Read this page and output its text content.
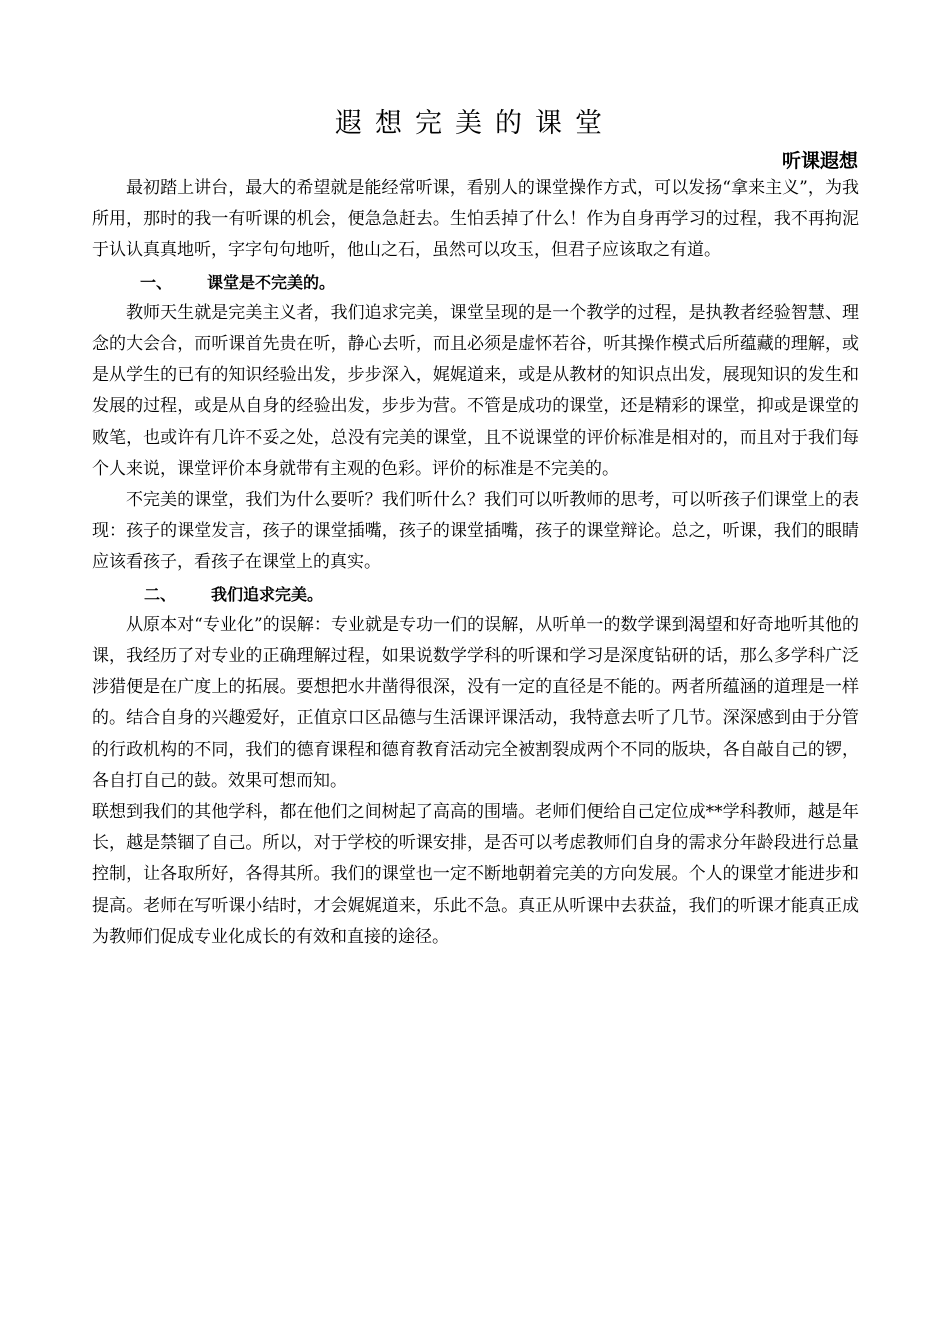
遐想完美的课堂
听课遐想

最初踏上讲台，最大的希望就是能经常听课，看别人的课堂操作方式，可以发扬“拿来主义”，为我所用，那时的我一有听课的机会，便急急赶去。生怕丢掉了什么！作为自身再学习的过程，我不再拘泥于认认真真地听，字字句句地听，他山之石，虽然可以攻玉，但君子应该取之有道。

一、 课堂是不完美的。

教师天生就是完美主义者，我们追求完美，课堂呈现的是一个教学的过程，是执教者经验智慧、理念的大会合，而听课首先贵在听，静心去听，而且必须是虚怀若谷，听其操作模式后所蕴藏的理解，或是从学生的已有的知识经验出发，步步深入，娓娓道来，或是从教材的知识点出发，展现知识的发生和发展的过程，或是从自身的经验出发，步步为营。不管是成功的课堂，还是精彩的课堂，抑或是课堂的败笔，也或许有几许不妥之处，总没有完美的课堂，且不说课堂的评价标准是相对的，而且对于我们每个人来说，课堂评价本身就带有主观的色彩。评价的标准是不完美的。

不完美的课堂，我们为什么要听？我们听什么？我们可以听教师的思考，可以听孩子们课堂上的表现：孩子的课堂发言，孩子的课堂插嘴，孩子的课堂插嘴，孩子的课堂辩论。总之，听课，我们的眼睛应该看孩子，看孩子在课堂上的真实。

二、 我们追求完美。

从原本对“专业化”的误解：专业就是专功一们的误解，从听单一的数学课到渴望和好奇地听其他的课，我经历了对专业的正确理解过程，如果说数学学科的听课和学习是深度钻研的话，那么多学科广泛涉猎便是在广度上的拓展。要想把水井凿得很深，没有一定的直径是不能的。两者所蕴涵的道理是一样的。结合自身的兴趣爱好，正值京口区品德与生活课评课活动，我特意去听了几节。深深感到由于分管的行政机构的不同，我们的德育课程和德育教育活动完全被割裂成两个不同的版块，各自敲自己的锣，各自打自己的鼓。效果可想而知。

联想到我们的其他学科，都在他们之间树起了高高的围墙。老师们便给自己定位成**学科教师，越是年长，越是禁锢了自己。所以，对于学校的听课安排，是否可以考虑教师们自身的需求分年龄段进行总量控制，让各取所好，各得其所。我们的课堂也一定不断地朝着完美的方向发展。个人的课堂才能进步和提高。老师在写听课小结时，才会娓娓道来，乐此不急。真正从听课中去获益，我们的听课才能真正成为教师们促成专业化成长的有效和直接的途径。
